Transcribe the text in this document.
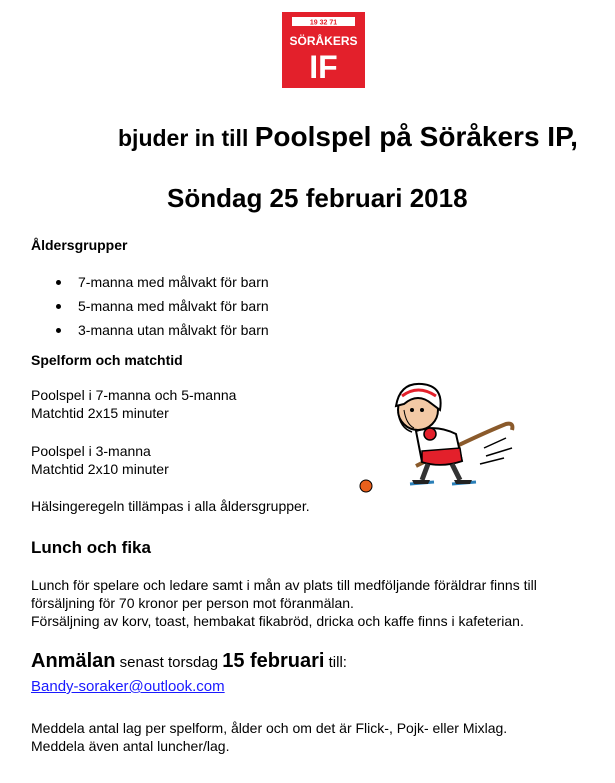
19 32 71
SÖRÅKERS
IF
bjuder in till Poolspel på Söråkers IP,
Söndag 25 februari 2018
Åldersgrupper
7-manna med målvakt för barn
5-manna med målvakt för barn
3-manna utan målvakt för barn
Spelform och matchtid
Poolspel i 7-manna och 5-manna
Matchtid 2x15 minuter
Poolspel i 3-manna
Matchtid 2x10 minuter
Hälsingeregeln tillämpas i alla åldersgrupper.
Lunch och fika
Lunch för spelare och ledare samt i mån av plats till medföljande föräldrar finns till
försäljning för 70 kronor per person mot föranmälan.
Försäljning av korv, toast, hembakat fikabröd, dricka och kaffe finns i kafeterian.
Anmälan senast torsdag 15 februari till:
Bandy-soraker@outlook.com
Meddela antal lag per spelform, ålder och om det är Flick-, Pojk- eller Mixlag.
Meddela även antal luncher/lag.
